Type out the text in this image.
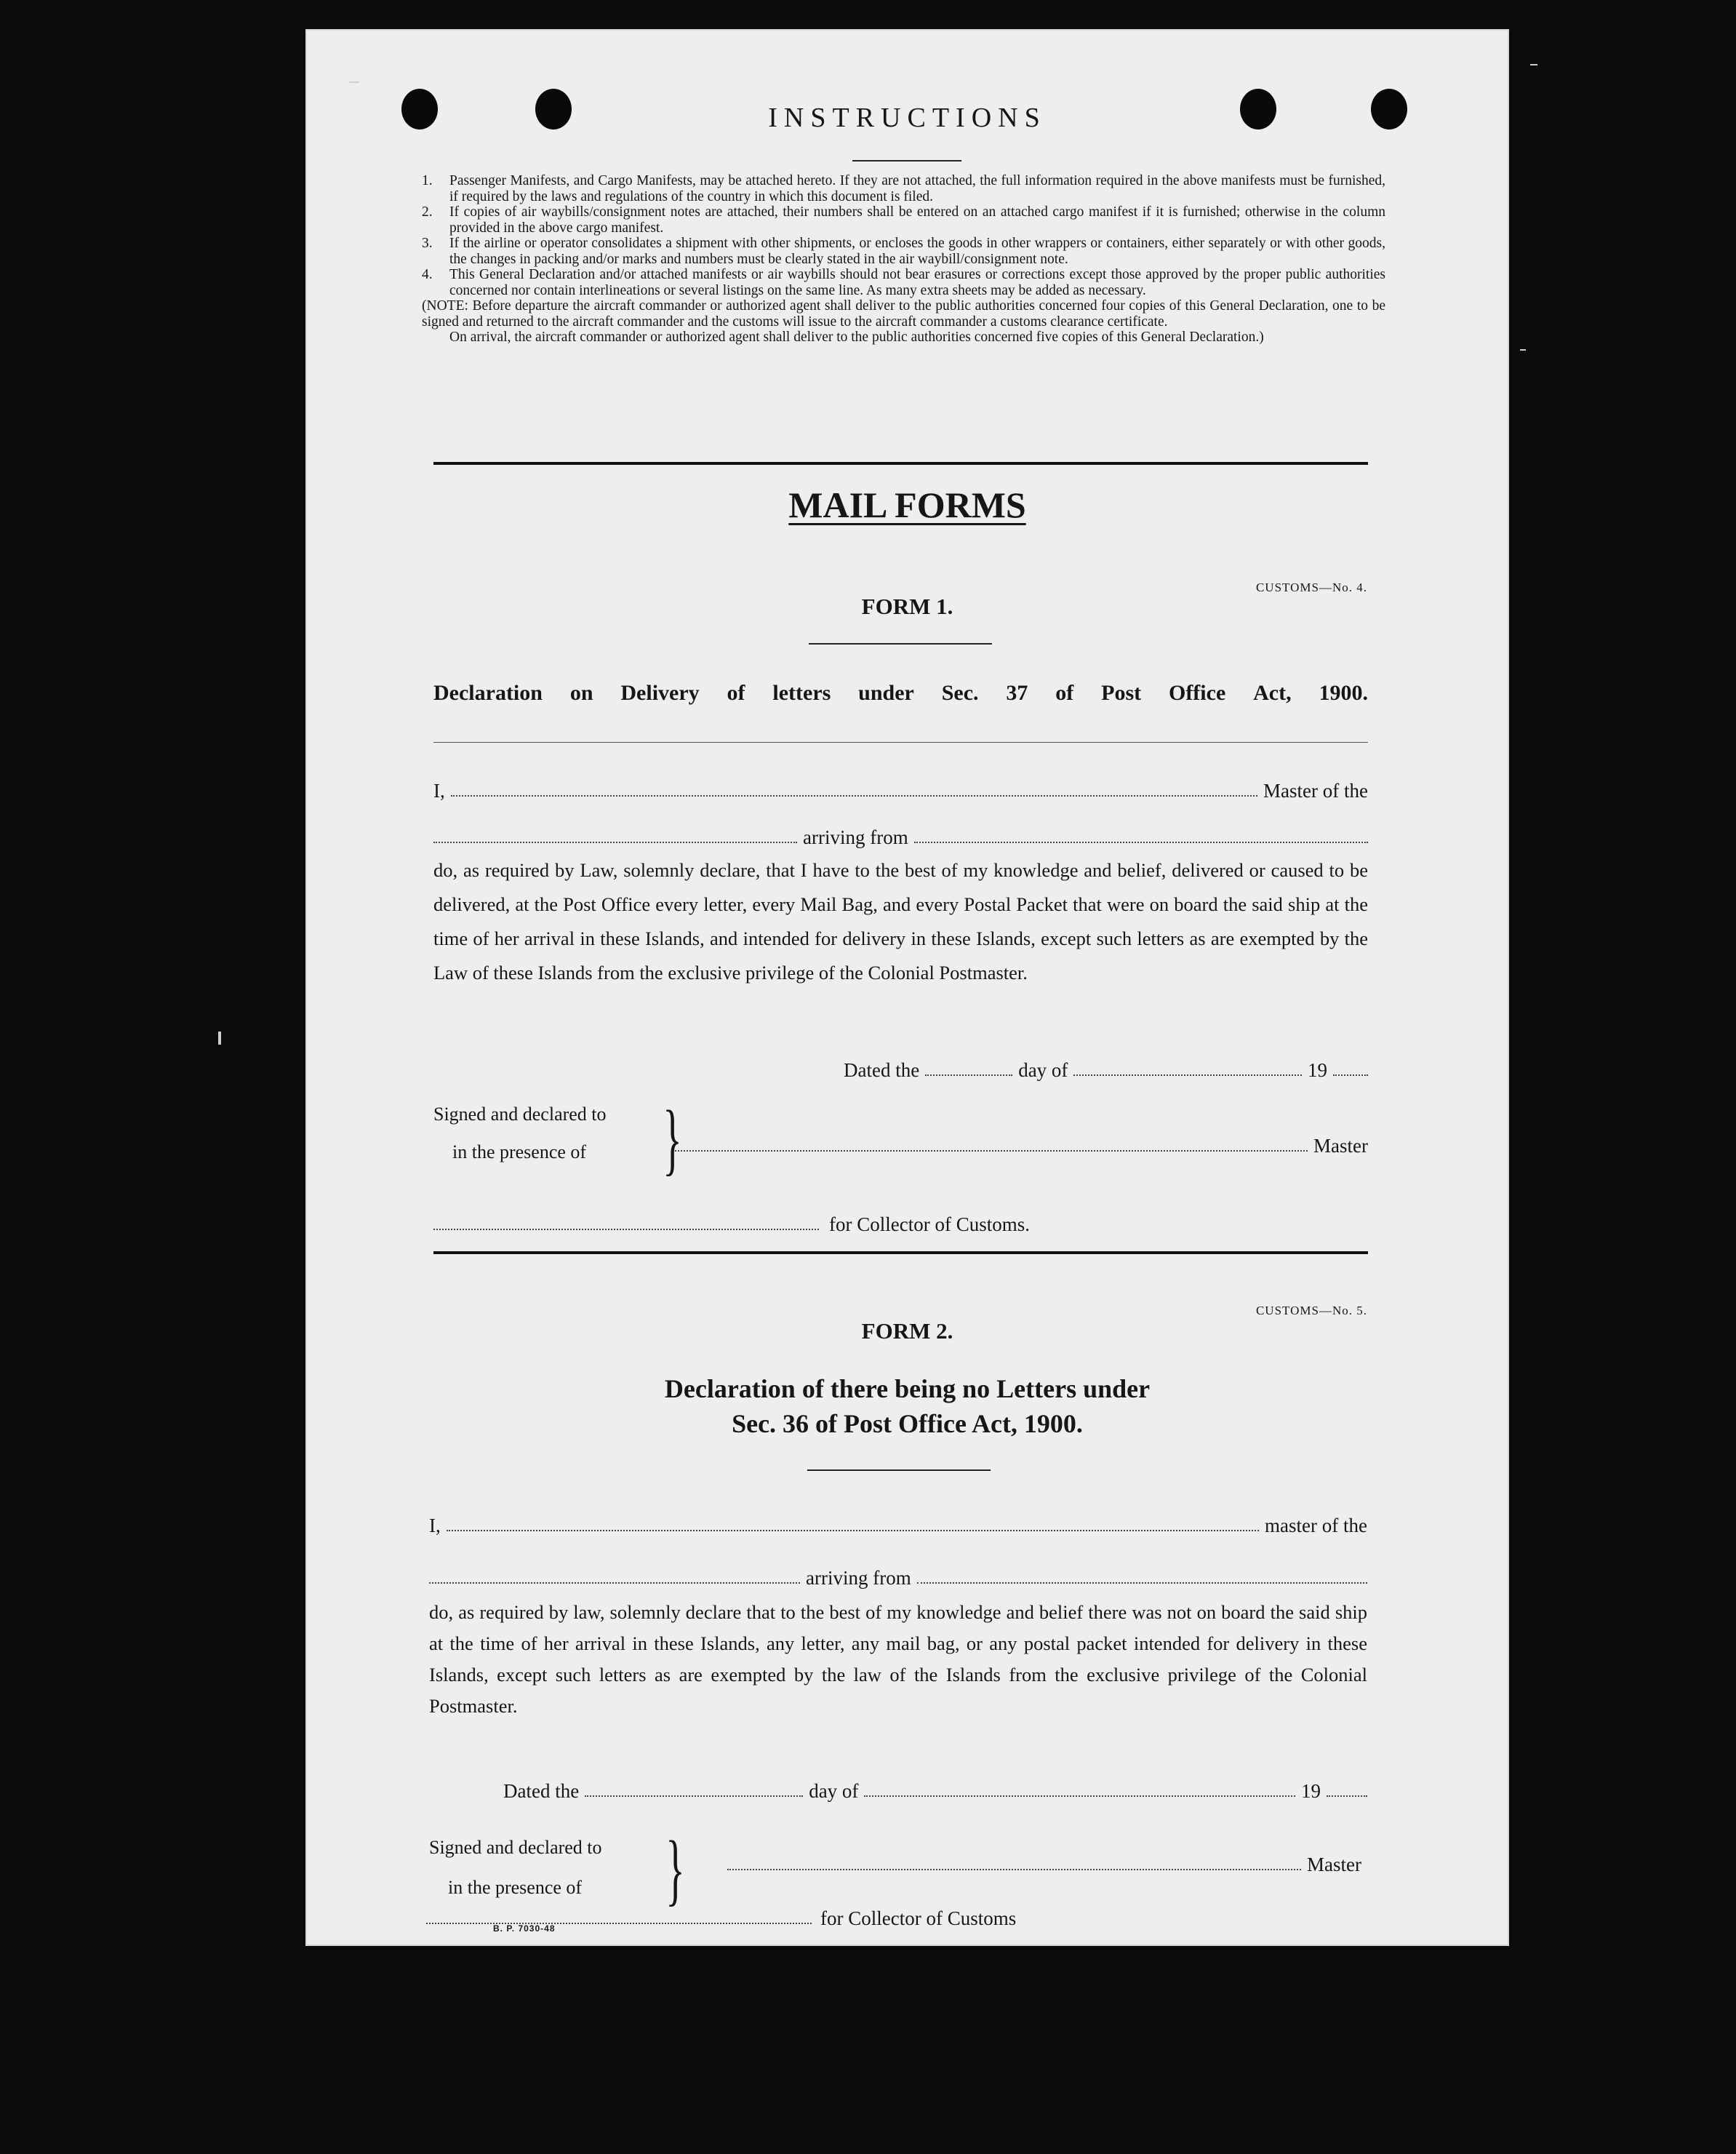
INSTRUCTIONS
1.	Passenger Manifests, and Cargo Manifests, may be attached hereto. If they are not attached, the full information required in the above manifests must be furnished, if required by the laws and regulations of the country in which this document is filed.
2.	If copies of air waybills/consignment notes are attached, their numbers shall be entered on an attached cargo manifest if it is furnished; otherwise in the column provided in the above cargo manifest.
3.	If the airline or operator consolidates a shipment with other shipments, or encloses the goods in other wrappers or containers, either separately or with other goods, the changes in packing and/or marks and numbers must be clearly stated in the air waybill/consignment note.
4.	This General Declaration and/or attached manifests or air waybills should not bear erasures or corrections except those approved by the proper public authorities concerned nor contain interlineations or several listings on the same line. As many extra sheets may be added as necessary.
(NOTE: Before departure the aircraft commander or authorized agent shall deliver to the public authorities concerned four copies of this General Declaration, one to be signed and returned to the aircraft commander and the customs will issue to the aircraft commander a customs clearance certificate.
On arrival, the aircraft commander or authorized agent shall deliver to the public authorities concerned five copies of this General Declaration.)
MAIL FORMS
CUSTOMS—No. 4.
FORM 1.
Declaration on Delivery of letters under Sec. 37 of Post Office Act, 1900.
I,	Master of the
arriving from
do, as required by Law, solemnly declare, that I have to the best of my knowledge and belief, delivered or caused to be delivered, at the Post Office every letter, every Mail Bag, and every Postal Packet that were on board the said ship at the time of her arrival in these Islands, and intended for delivery in these Islands, except such letters as are exempted by the Law of these Islands from the exclusive privilege of the Colonial Postmaster.
Dated the	day of	19
Signed and declared to
in the presence of }	Master
for Collector of Customs.
CUSTOMS—No. 5.
FORM 2.
Declaration of there being no Letters under
Sec. 36 of Post Office Act, 1900.
I,	master of the
arriving from
do, as required by law, solemnly declare that to the best of my knowledge and belief there was not on board the said ship at the time of her arrival in these Islands, any letter, any mail bag, or any postal packet intended for delivery in these Islands, except such letters as are exempted by the law of the Islands from the exclusive privilege of the Colonial Postmaster.
Dated the	day of	19
Signed and declared to
in the presence of }	Master
for Collector of Customs
B. P. 7030-48
